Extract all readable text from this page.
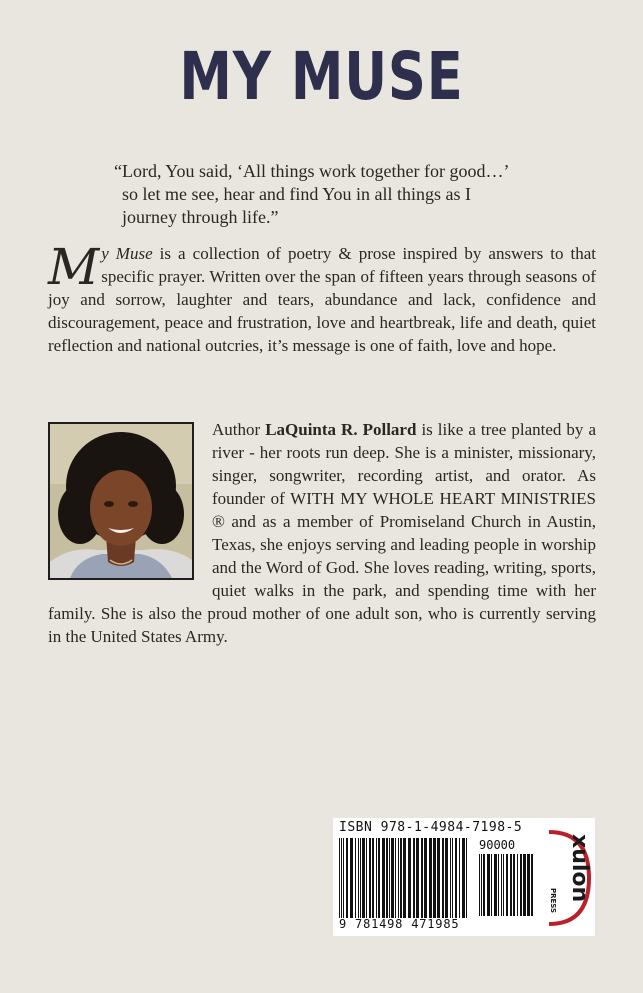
MY MUSE
“Lord, You said, ‘All things work together for good…’
so let me see, hear and find You in all things as I
journey through life.”
My Muse is a collection of poetry & prose inspired by answers to that specific prayer. Written over the span of fifteen years through seasons of joy and sorrow, laughter and tears, abundance and lack, confidence and discouragement, peace and frustration, love and heartbreak, life and death, quiet reflection and national outcries, it’s message is one of faith, love and hope.
Author LaQuinta R. Pollard is like a tree planted by a river - her roots run deep. She is a minister, missionary, singer, songwriter, recording artist, and orator. As founder of WITH MY WHOLE HEART MINISTRIES ® and as a member of Promiseland Church in Austin, Texas, she enjoys serving and leading people in worship and the Word of God. She loves reading, writing, sports, quiet walks in the park, and spending time with her family. She is also the proud mother of one adult son, who is currently serving in the United States Army.
ISBN 978-1-4984-7198-5
90000
9 781498 471985
xulon
PRESS
